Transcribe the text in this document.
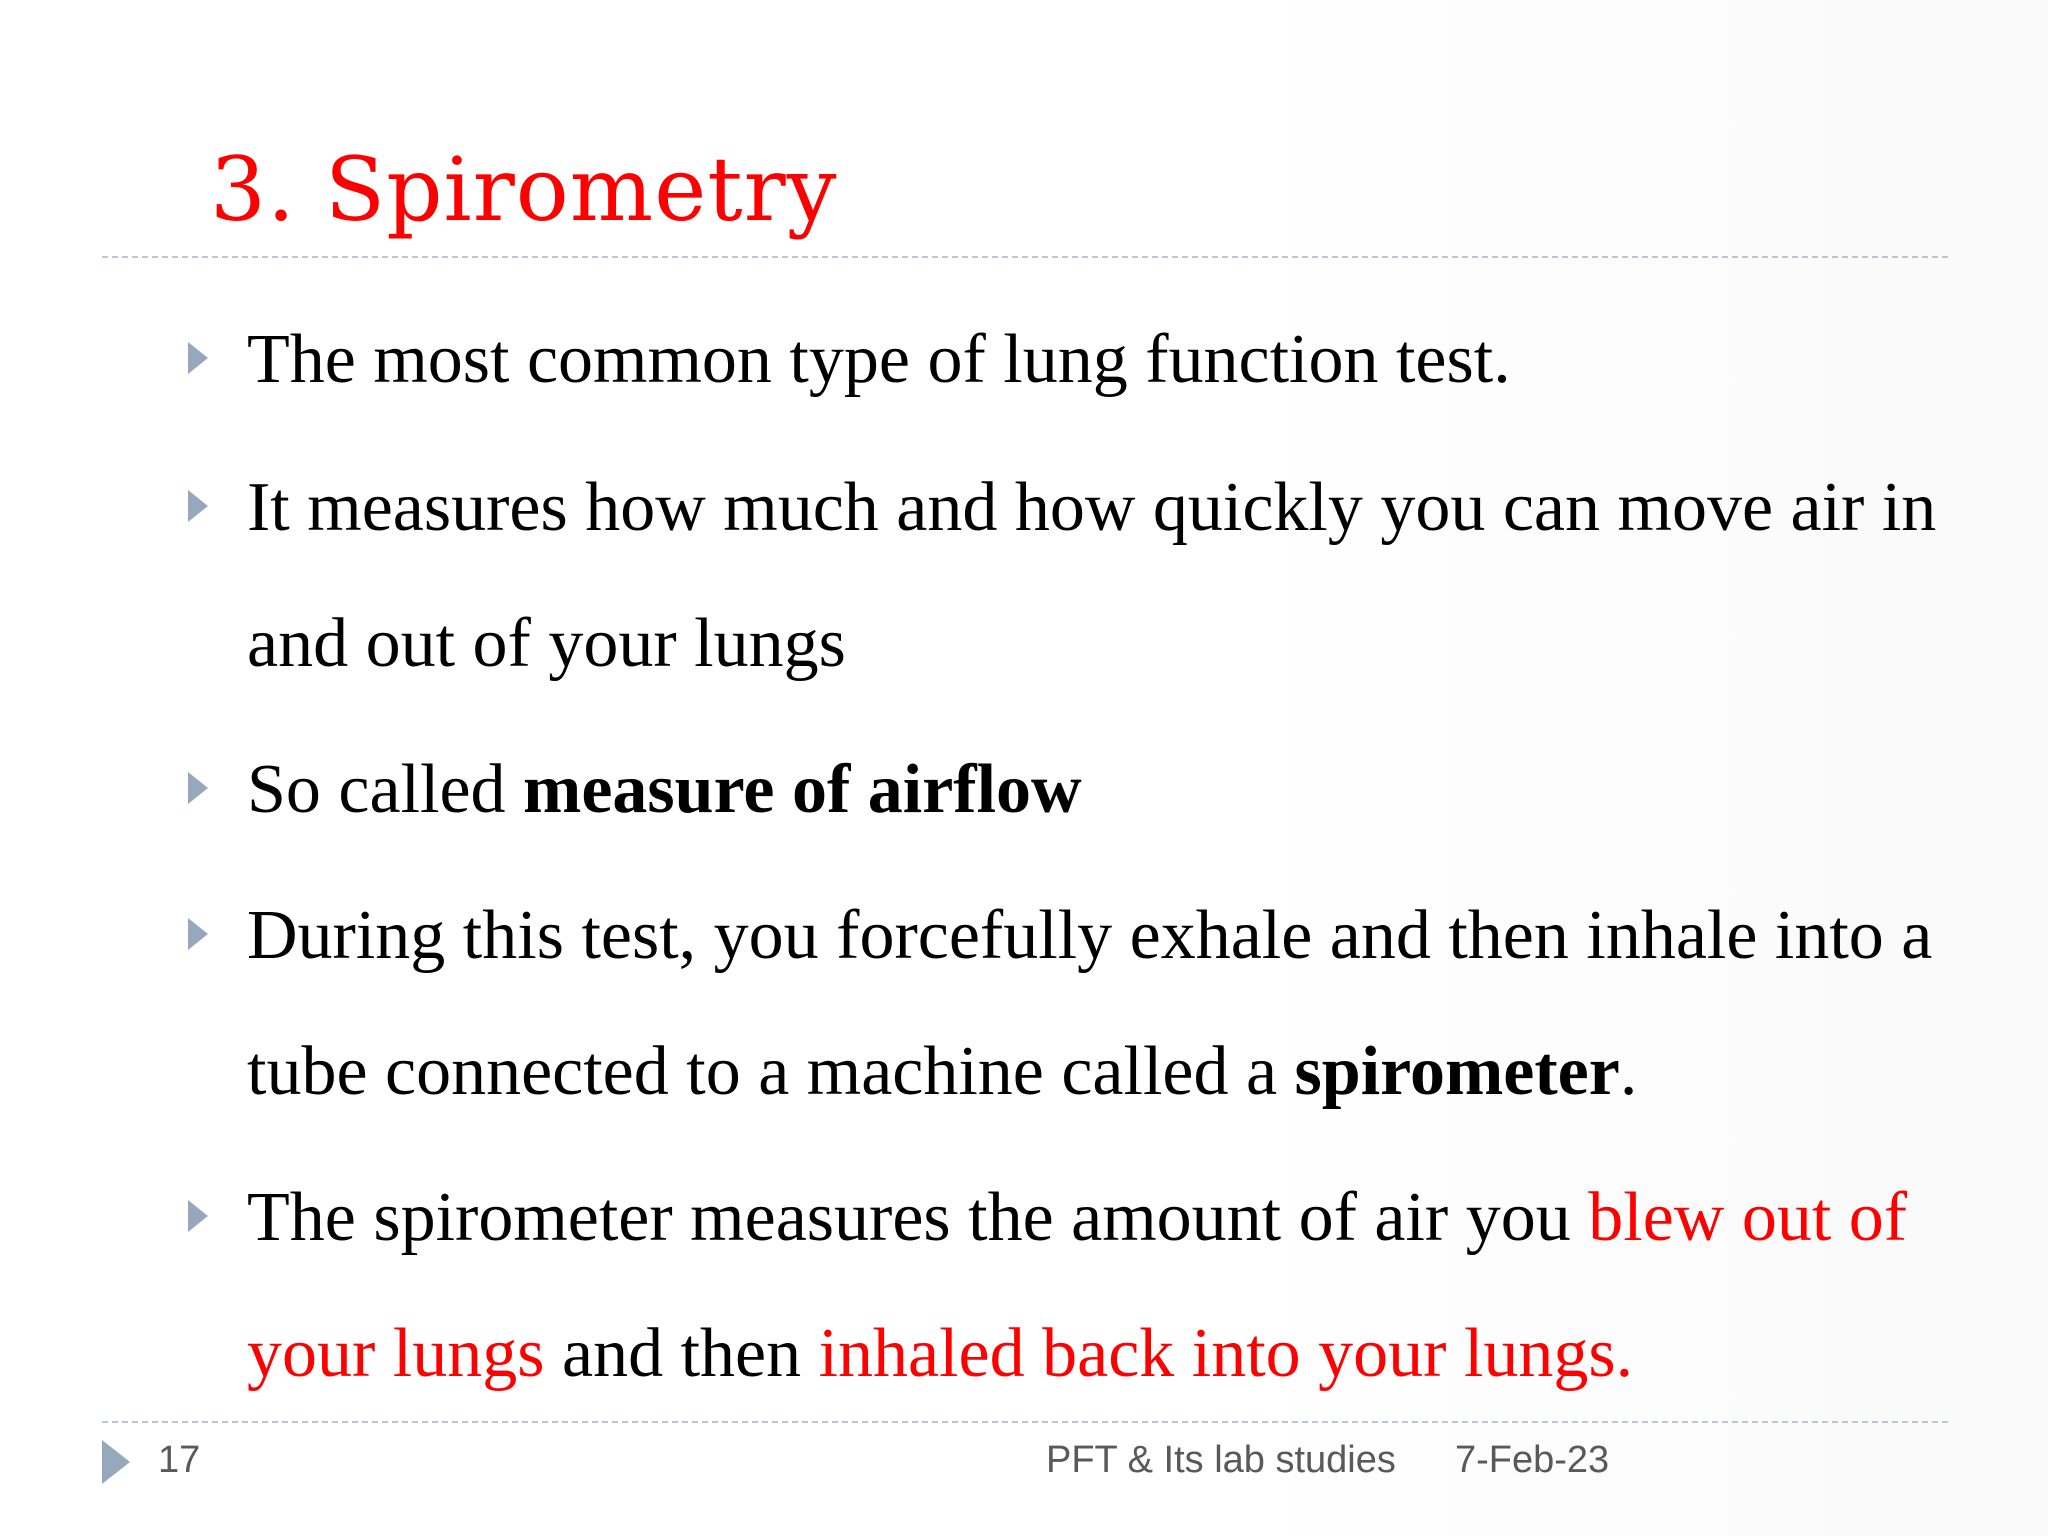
3. Spirometry
The most common type of lung function test.
It measures how much and how quickly you can move air in and out of your lungs
So called measure of airflow
During this test, you forcefully exhale and then inhale into a tube connected to a machine called a spirometer.
The spirometer measures the amount of air you blew out of your lungs and then inhaled back into your lungs.
17	PFT & Its lab studies 7-Feb-23
